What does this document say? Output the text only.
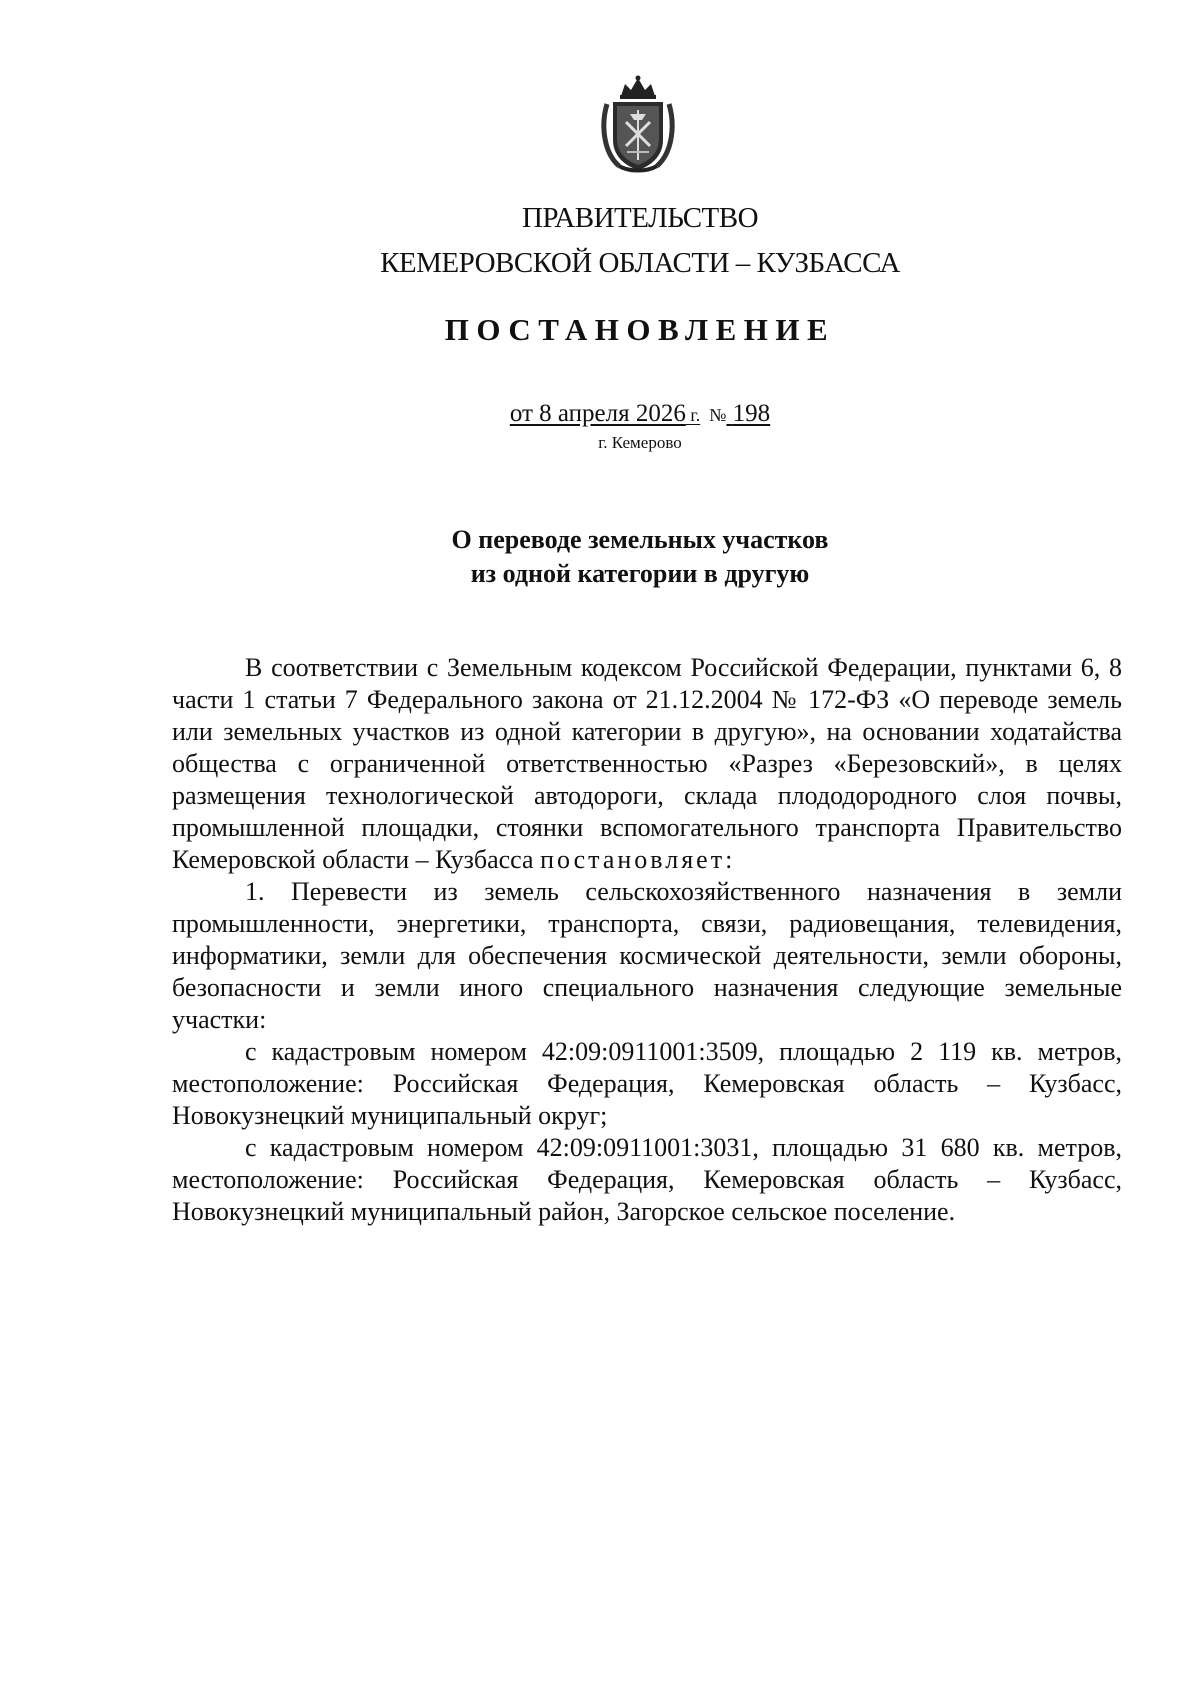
ПРАВИТЕЛЬСТВО
КЕМЕРОВСКОЙ ОБЛАСТИ – КУЗБАССА
ПОСТАНОВЛЕНИЕ
от 8 апреля 2026 г. № 198
г. Кемерово
О переводе земельных участков
из одной категории в другую

В соответствии с Земельным кодексом Российской Федерации, пунктами 6, 8 части 1 статьи 7 Федерального закона от 21.12.2004 № 172-ФЗ «О переводе земель или земельных участков из одной категории в другую», на основании ходатайства общества с ограниченной ответственностью «Разрез «Березовский», в целях размещения технологической автодороги, склада плододородного слоя почвы, промышленной площадки, стоянки вспомогательного транспорта Правительство Кемеровской области – Кузбасса постановляет:

1. Перевести из земель сельскохозяйственного назначения в земли промышленности, энергетики, транспорта, связи, радиовещания, телевидения, информатики, земли для обеспечения космической деятельности, земли обороны, безопасности и земли иного специального назначения следующие земельные участки:

с кадастровым номером 42:09:0911001:3509, площадью 2 119 кв. метров, местоположение: Российская Федерация, Кемеровская область – Кузбасс, Новокузнецкий муниципальный округ;

с кадастровым номером 42:09:0911001:3031, площадью 31 680 кв. метров, местоположение: Российская Федерация, Кемеровская область – Кузбасс, Новокузнецкий муниципальный район, Загорское сельское поселение.
